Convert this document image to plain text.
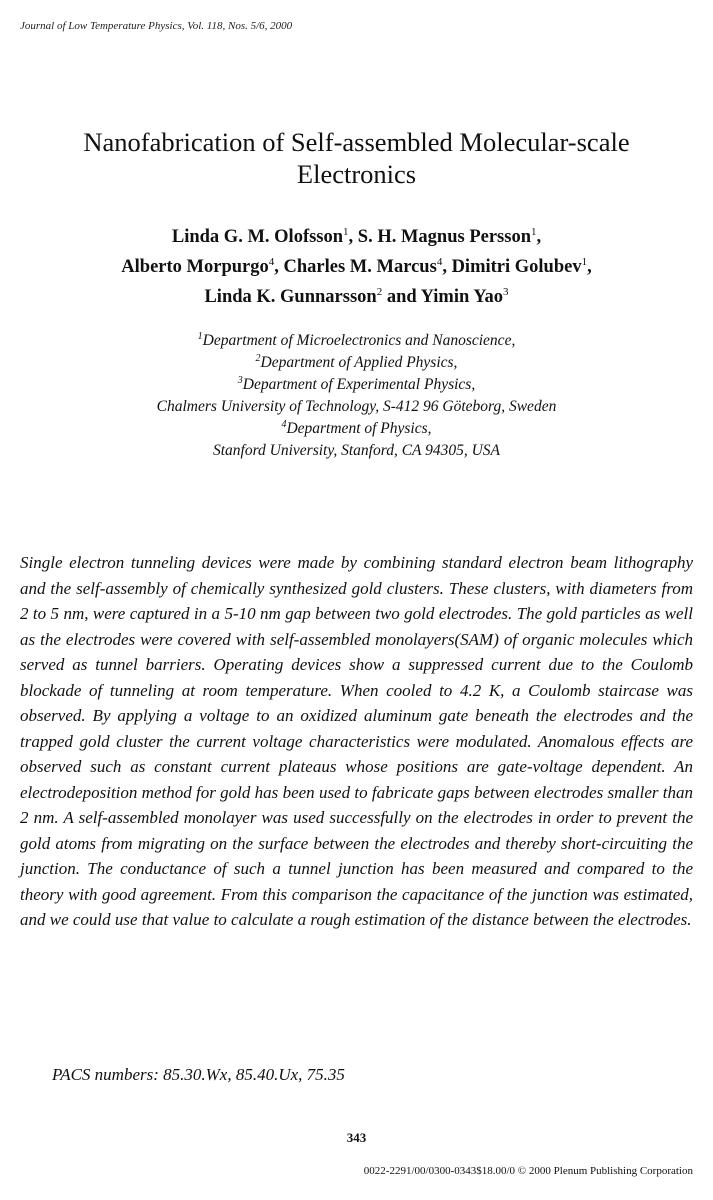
Journal of Low Temperature Physics, Vol. 118, Nos. 5/6, 2000
Nanofabrication of Self-assembled Molecular-scale
Electronics
Linda G. M. Olofsson$^1$, S. H. Magnus Persson$^1$,
Alberto Morpurgo$^4$, Charles M. Marcus$^4$, Dimitri Golubev$^1$,
Linda K. Gunnarsson$^2$ and Yimin Yao$^3$
$^1$Department of Microelectronics and Nanoscience,
$^2$Department of Applied Physics,
$^3$Department of Experimental Physics,
Chalmers University of Technology, S-412 96 Göteborg, Sweden
$^4$Department of Physics,
Stanford University, Stanford, CA 94305, USA

Single electron tunneling devices were made by combining standard electron beam lithography and the self-assembly of chemically synthesized gold clusters. These clusters, with diameters from 2 to 5 nm, were captured in a 5-10 nm gap between two gold electrodes. The gold particles as well as the electrodes were covered with self-assembled monolayers(SAM) of organic molecules which served as tunnel barriers. Operating devices show a suppressed current due to the Coulomb blockade of tunneling at room temperature. When cooled to 4.2 K, a Coulomb staircase was observed. By applying a voltage to an oxidized aluminum gate beneath the electrodes and the trapped gold cluster the current voltage characteristics were modulated. Anomalous effects are observed such as constant current plateaus whose positions are gate-voltage dependent. An electrodeposition method for gold has been used to fabricate gaps between electrodes smaller than 2 nm. A self-assembled monolayer was used successfully on the electrodes in order to prevent the gold atoms from migrating on the surface between the electrodes and thereby short-circuiting the junction. The conductance of such a tunnel junction has been measured and compared to the theory with good agreement. From this comparison the capacitance of the junction was estimated, and we could use that value to calculate a rough estimation of the distance between the electrodes.

PACS numbers: 85.30.Wx, 85.40.Ux, 75.35
343
0022-2291/00/0300-0343$18.00/0 © 2000 Plenum Publishing Corporation
